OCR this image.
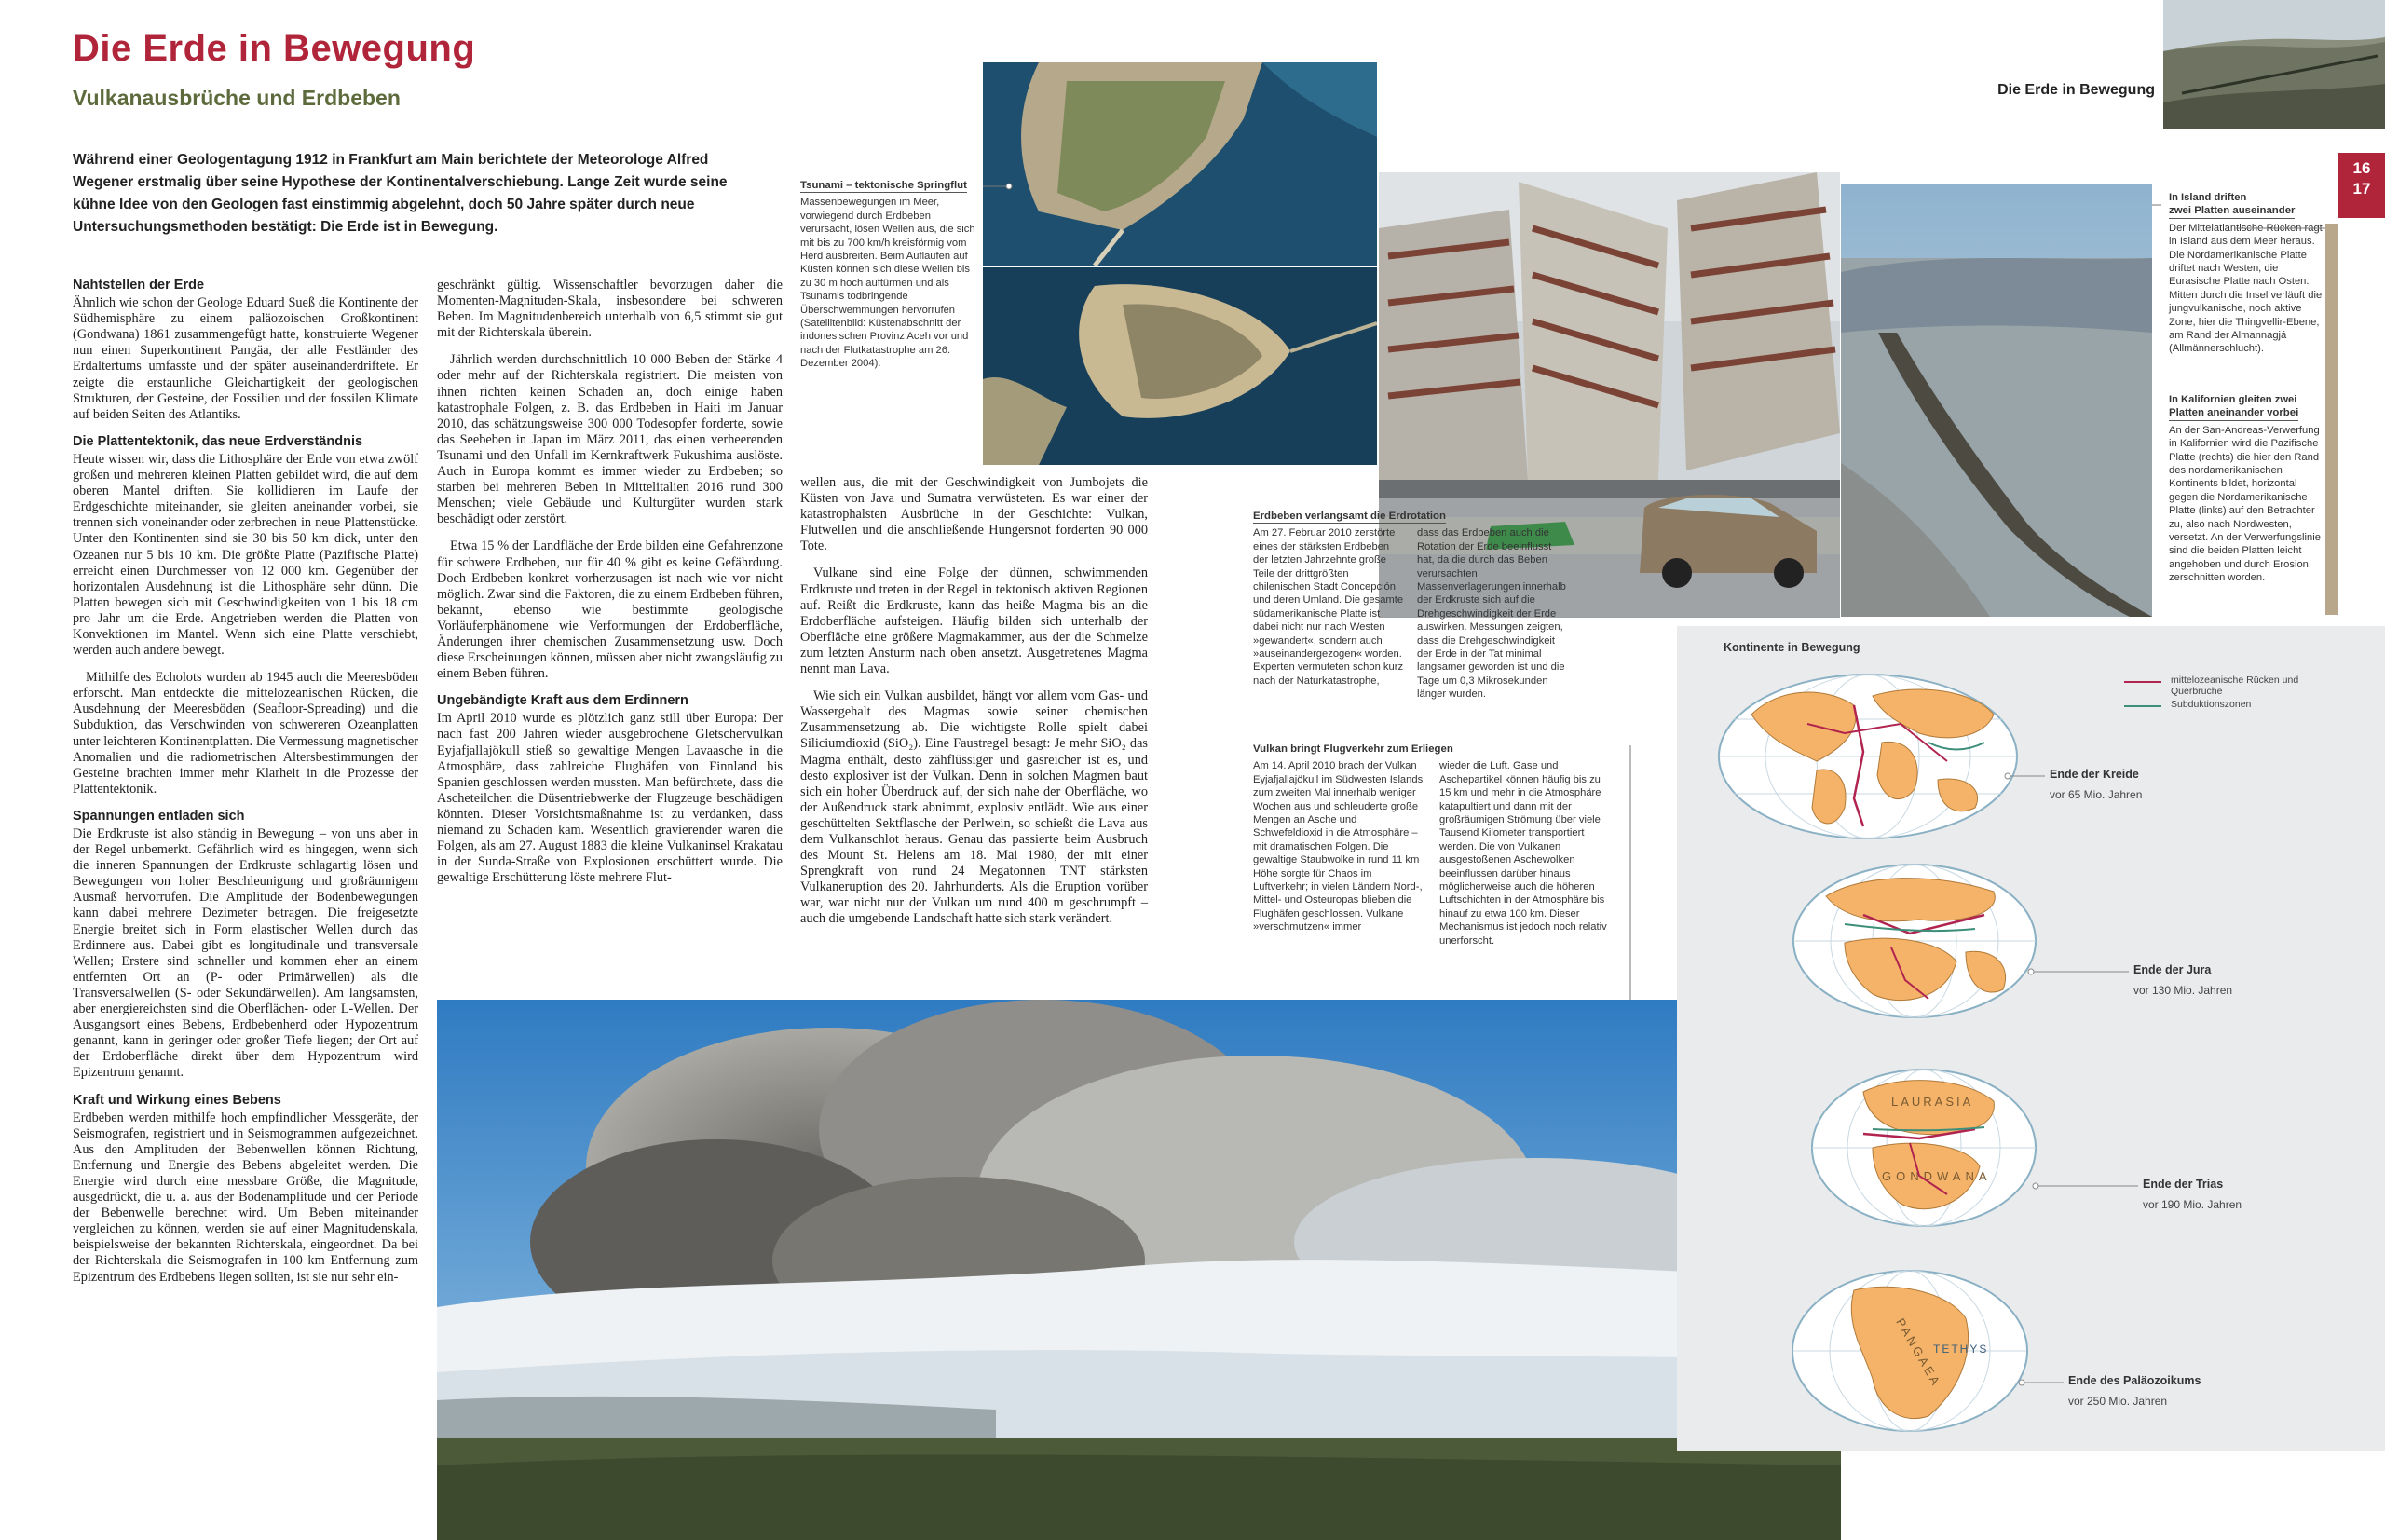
Die Erde in Bewegung
Vulkanausbrüche und Erdbeben	Die Erde in Bewegung
16
17
Während einer Geologentagung 1912 in Frankfurt am Main berichtete der Meteorologe Alfred Wegener erstmalig über seine Hypothese der Kontinentalverschiebung. Lange Zeit wurde seine kühne Idee von den Geologen fast einstimmig abgelehnt, doch 50 Jahre später durch neue Untersuchungsmethoden bestätigt: Die Erde ist in Bewegung.
Nahtstellen der Erde

Ähnlich wie schon der Geologe Eduard Sueß die Kontinente der Südhemisphäre zu einem paläozoischen Großkontinent (Gondwana) 1861 zusammengefügt hatte, konstruierte Wegener nun einen Superkontinent Pangäa, der alle Festländer des Erdaltertums umfasste und der später auseinanderdriftete. Er zeigte die erstaunliche Gleichartigkeit der geologischen Strukturen, der Gesteine, der Fossilien und der fossilen Klimate auf beiden Seiten des Atlantiks.

Die Plattentektonik, das neue Erdverständnis

Heute wissen wir, dass die Lithosphäre der Erde von etwa zwölf großen und mehreren kleinen Platten gebildet wird, die auf dem oberen Mantel driften. Sie kollidieren im Laufe der Erdgeschichte miteinander, sie gleiten aneinander vorbei, sie trennen sich voneinander oder zerbrechen in neue Plattenstücke. Unter den Kontinenten sind sie 30 bis 50 km dick, unter den Ozeanen nur 5 bis 10 km. Die größte Platte (Pazifische Platte) erreicht einen Durchmesser von 12 000 km. Gegenüber der horizontalen Ausdehnung ist die Lithosphäre sehr dünn. Die Platten bewegen sich mit Geschwindigkeiten von 1 bis 18 cm pro Jahr um die Erde. Angetrieben werden die Platten von Konvektionen im Mantel. Wenn sich eine Platte verschiebt, werden auch andere bewegt.

Mithilfe des Echolots wurden ab 1945 auch die Meeresböden erforscht. Man entdeckte die mittelozeanischen Rücken, die Ausdehnung der Meeresböden (Seafloor-Spreading) und die Subduktion, das Verschwinden von schwereren Ozeanplatten unter leichteren Kontinentplatten. Die Vermessung magnetischer Anomalien und die radiometrischen Altersbestimmungen der Gesteine brachten immer mehr Klarheit in die Prozesse der Plattentektonik.

Spannungen entladen sich

Die Erdkruste ist also ständig in Bewegung – von uns aber in der Regel unbemerkt. Gefährlich wird es hingegen, wenn sich die inneren Spannungen der Erdkruste schlagartig lösen und Bewegungen von hoher Beschleunigung und großräumigem Ausmaß hervorrufen. Die Amplitude der Bodenbewegungen kann dabei mehrere Dezimeter betragen. Die freigesetzte Energie breitet sich in Form elastischer Wellen durch das Erdinnere aus. Dabei gibt es longitudinale und transversale Wellen; Erstere sind schneller und kommen eher an einem entfernten Ort an (P- oder Primärwellen) als die Transversalwellen (S- oder Sekundärwellen). Am langsamsten, aber energiereichsten sind die Oberflächen- oder L-Wellen. Der Ausgangsort eines Bebens, Erdbebenherd oder Hypozentrum genannt, kann in geringer oder großer Tiefe liegen; der Ort auf der Erdoberfläche direkt über dem Hypozentrum wird Epizentrum genannt.

Kraft und Wirkung eines Bebens

Erdbeben werden mithilfe hoch empfindlicher Messgeräte, der Seismografen, registriert und in Seismogrammen aufgezeichnet. Aus den Amplituden der Bebenwellen können Richtung, Entfernung und Energie des Bebens abgeleitet werden. Die Energie wird durch eine messbare Größe, die Magnitude, ausgedrückt, die u. a. aus der Bodenamplitude und der Periode der Bebenwelle berechnet wird. Um Beben miteinander vergleichen zu können, werden sie auf einer Magnitudenskala, beispielsweise der bekannten Richterskala, eingeordnet. Da bei der Richterskala die Seismografen in 100 km Entfernung zum Epizentrum des Erdbebens liegen sollten, ist sie nur sehr ein-

geschränkt gültig. Wissenschaftler bevorzugen daher die Momenten-Magnituden-Skala, insbesondere bei schweren Beben. Im Magnitudenbereich unterhalb von 6,5 stimmt sie gut mit der Richterskala überein.

Jährlich werden durchschnittlich 10 000 Beben der Stärke 4 oder mehr auf der Richterskala registriert. Die meisten von ihnen richten keinen Schaden an, doch einige haben katastrophale Folgen, z. B. das Erdbeben in Haiti im Januar 2010, das schätzungsweise 300 000 Todesopfer forderte, sowie das Seebeben in Japan im März 2011, das einen verheerenden Tsunami und den Unfall im Kernkraftwerk Fukushima auslöste. Auch in Europa kommt es immer wieder zu Erdbeben; so starben bei mehreren Beben in Mittelitalien 2016 rund 300 Menschen; viele Gebäude und Kulturgüter wurden stark beschädigt oder zerstört.

Etwa 15 % der Landfläche der Erde bilden eine Gefahrenzone für schwere Erdbeben, nur für 40 % gibt es keine Gefährdung. Doch Erdbeben konkret vorherzusagen ist nach wie vor nicht möglich. Zwar sind die Faktoren, die zu einem Erdbeben führen, bekannt, ebenso wie bestimmte geologische Vorläuferphänomene wie Verformungen der Erdoberfläche, Änderungen ihrer chemischen Zusammensetzung usw. Doch diese Erscheinungen können, müssen aber nicht zwangsläufig zu einem Beben führen.

Ungebändigte Kraft aus dem Erdinnern

Im April 2010 wurde es plötzlich ganz still über Europa: Der nach fast 200 Jahren wieder ausgebrochene Gletschervulkan Eyjafjallajökull stieß so gewaltige Mengen Lavaasche in die Atmosphäre, dass zahlreiche Flughäfen von Finnland bis Spanien geschlossen werden mussten. Man befürchtete, dass die Ascheteilchen die Düsentriebwerke der Flugzeuge beschädigen könnten. Dieser Vorsichtsmaßnahme ist zu verdanken, dass niemand zu Schaden kam. Wesentlich gravierender waren die Folgen, als am 27. August 1883 die kleine Vulkaninsel Krakatau in der Sunda-Straße von Explosionen erschüttert wurde. Die gewaltige Erschütterung löste mehrere Flut-

wellen aus, die mit der Geschwindigkeit von Jumbojets die Küsten von Java und Sumatra verwüsteten. Es war einer der katastrophalsten Ausbrüche in der Geschichte: Vulkan, Flutwellen und die anschließende Hungersnot forderten 90 000 Tote.

Vulkane sind eine Folge der dünnen, schwimmenden Erdkruste und treten in der Regel in tektonisch aktiven Regionen auf. Reißt die Erdkruste, kann das heiße Magma bis an die Erdoberfläche aufsteigen. Häufig bilden sich unterhalb der Oberfläche eine größere Magmakammer, aus der die Schmelze zum letzten Ansturm nach oben ansetzt. Ausgetretenes Magma nennt man Lava.

Wie sich ein Vulkan ausbildet, hängt vor allem vom Gas- und Wassergehalt des Magmas sowie seiner chemischen Zusammensetzung ab. Die wichtigste Rolle spielt dabei Siliciumdioxid (SiO₂). Eine Faustregel besagt: Je mehr SiO₂ das Magma enthält, desto zähflüssiger und gasreicher ist es, und desto explosiver ist der Vulkan. Denn in solchen Magmen baut sich ein hoher Überdruck auf, der sich nahe der Oberfläche, wo der Außendruck stark abnimmt, explosiv entlädt. Wie aus einer geschüttelten Sektflasche der Perlwein, so schießt die Lava aus dem Vulkanschlot heraus. Genau das passierte beim Ausbruch des Mount St. Helens am 18. Mai 1980, der mit einer Sprengkraft von rund 24 Megatonnen TNT stärksten Vulkaneruption des 20. Jahrhunderts. Als die Eruption vorüber war, war nicht nur der Vulkan um rund 400 m geschrumpft – auch die umgebende Landschaft hatte sich stark verändert.

Tsunami – tektonische Springflut
Massenbewegungen im Meer, vorwiegend durch Erdbeben verursacht, lösen Wellen aus, die sich mit bis zu 700 km/h kreisförmig vom Herd ausbreiten. Beim Auflaufen auf Küsten können sich diese Wellen bis zu 30 m hoch auftürmen und als Tsunamis todbringende Überschwemmungen hervorrufen (Satellitenbild: Küstenabschnitt der indonesischen Provinz Aceh vor und nach der Flutkatastrophe am 26. Dezember 2004).
In Island driften
zwei Platten auseinander
Der Mittelatlantische Rücken ragt in Island aus dem Meer heraus. Die Nordamerikanische Platte driftet nach Westen, die Eurasische Platte nach Osten. Mitten durch die Insel verläuft die jungvulkanische, noch aktive Zone, hier die Thingvellir-Ebene, am Rand der Almannagjá (Allmännerschlucht).
In Kalifornien gleiten zwei
Platten aneinander vorbei
An der San-Andreas-Verwerfung in Kalifornien wird die Pazifische Platte (rechts) die hier den Rand des nordamerikanischen Kontinents bildet, horizontal gegen die Nordamerikanische Platte (links) auf den Betrachter zu, also nach Nordwesten, versetzt. An der Verwerfungslinie sind die beiden Platten leicht angehoben und durch Erosion zerschnitten worden.
Erdbeben verlangsamt die Erdrotation
Am 27. Februar 2010 zerstörte eines der stärksten Erdbeben der letzten Jahrzehnte große Teile der drittgrößten chilenischen Stadt Concepción und deren Umland. Die gesamte südamerikanische Platte ist dabei nicht nur nach Westen »gewandert«, sondern auch »auseinandergezogen« worden. Experten vermuteten schon kurz nach der Naturkatastrophe,
dass das Erdbeben auch die Rotation der Erde beeinflusst hat, da die durch das Beben verursachten Massenverlagerungen innerhalb der Erdkruste sich auf die Drehgeschwindigkeit der Erde auswirken. Messungen zeigten, dass die Drehgeschwindigkeit der Erde in der Tat minimal langsamer geworden ist und die Tage um 0,3 Mikrosekunden länger wurden.
Vulkan bringt Flugverkehr zum Erliegen
Am 14. April 2010 brach der Vulkan Eyjafjallajökull im Südwesten Islands zum zweiten Mal innerhalb weniger Wochen aus und schleuderte große Mengen an Asche und Schwefeldioxid in die Atmosphäre – mit dramatischen Folgen. Die gewaltige Staubwolke in rund 11 km Höhe sorgte für Chaos im Luftverkehr; in vielen Ländern Nord-, Mittel- und Osteuropas blieben die Flughäfen geschlossen. Vulkane »verschmutzen« immer
wieder die Luft. Gase und Aschepartikel können häufig bis zu 15 km und mehr in die Atmosphäre katapultiert und dann mit der großräumigen Strömung über viele Tausend Kilometer transportiert werden. Die von Vulkanen ausgestoßenen Aschewolken beeinflussen darüber hinaus möglicherweise auch die höheren Luftschichten in der Atmosphäre bis hinauf zu etwa 100 km. Dieser Mechanismus ist jedoch noch relativ unerforscht.
Kontinente in Bewegung
mittelozeanische Rücken und Querbrüche
Subduktionszonen
Ende der Kreide
vor 65 Mio. Jahren
Ende der Jura
vor 130 Mio. Jahren
LAURASIA
GONDWANA
Ende der Trias
vor 190 Mio. Jahren
PANGAEA
TETHYS
Ende des Paläozoikums
vor 250 Mio. Jahren
